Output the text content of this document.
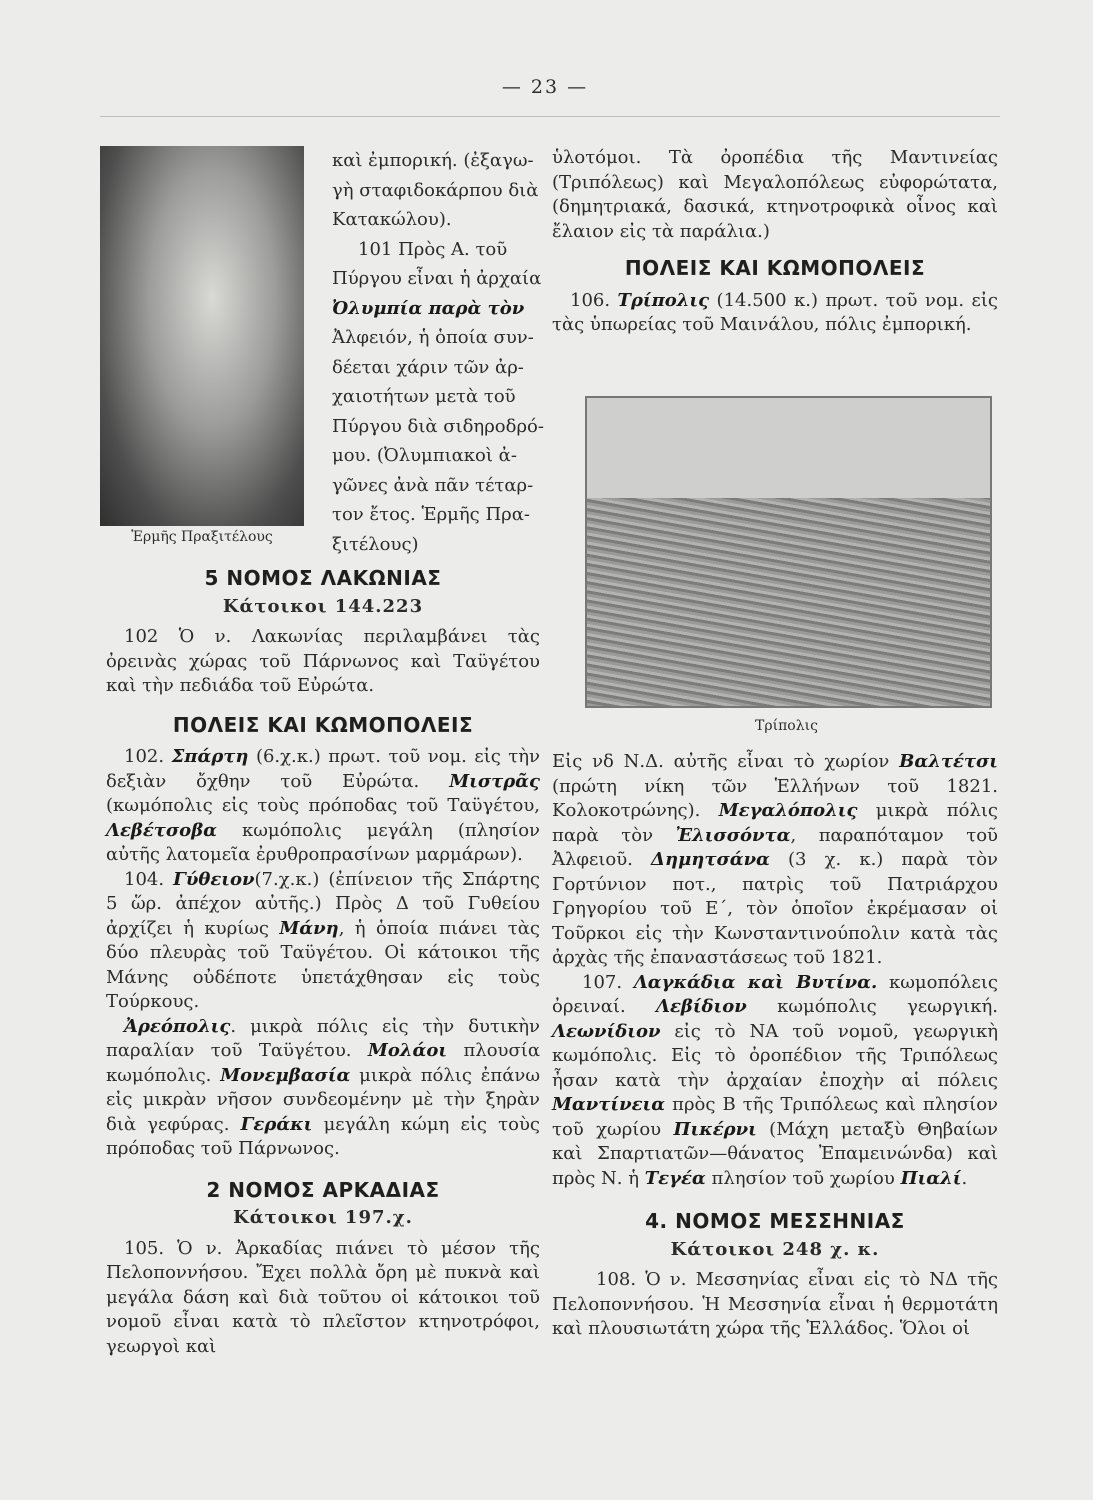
— 23 —
Ἑρμῆς Πραξιτέλους
καὶ ἐμπορική. (ἐξαγω-
γὴ σταφιδοκάρπου διὰ
Κατακώλου).
101 Πρὸς Α. τοῦ
Πύργου εἶναι ἡ ἀρχαία
Ὀλυμπία παρὰ τὸν
Ἀλφειόν, ἡ ὁποία συν-
δέεται χάριν τῶν ἀρ-
χαιοτήτων μετὰ τοῦ
Πύργου διὰ σιδηροδρό-
μου. (Ὀλυμπιακοὶ ἀ-
γῶνες ἀνὰ πᾶν τέταρ-
τον ἔτος. Ἑρμῆς Πρα-
ξιτέλους)
5 ΝΟΜΟΣ ΛΑΚΩΝΙΑΣ
Κάτοικοι 144.223

102 Ὁ ν. Λακωνίας περιλαμβάνει τὰς ὀρεινὰς χώρας τοῦ Πάρνωνος καὶ Ταϋγέτου καὶ τὴν πεδιάδα τοῦ Εὐρώτα.

ΠΟΛΕΙΣ ΚΑΙ ΚΩΜΟΠΟΛΕΙΣ

102. Σπάρτη (6.χ.κ.) πρωτ. τοῦ νομ. εἰς τὴν δεξιὰν ὄχθην τοῦ Εὐρώτα. Μιστρᾶς (κωμόπολις εἰς τοὺς πρόποδας τοῦ Ταϋγέτου, Λεβέτσοβα κωμόπολις μεγάλη (πλησίον αὐτῆς λατομεῖα ἐρυθροπρασίνων μαρμάρων).

104. Γύθειον(7.χ.κ.) (ἐπίνειον τῆς Σπάρτης 5 ὥρ. ἀπέχον αὐτῆς.) Πρὸς Δ τοῦ Γυθείου ἀρχίζει ἡ κυρίως Μάνη, ἡ ὁποία πιάνει τὰς δύο πλευρὰς τοῦ Ταϋγέτου. Οἱ κάτοικοι τῆς Μάνης οὐδέποτε ὑπετάχθησαν εἰς τοὺς Τούρκους.

Ἀρεόπολις. μικρὰ πόλις εἰς τὴν δυτικὴν παραλίαν τοῦ Ταϋγέτου. Μολάοι πλουσία κωμόπολις. Μονεμβασία μικρὰ πόλις ἐπάνω εἰς μικρὰν νῆσον συνδεομένην μὲ τὴν ξηρὰν διὰ γεφύρας. Γεράκι μεγάλη κώμη εἰς τοὺς πρόποδας τοῦ Πάρνωνος.

2 ΝΟΜΟΣ ΑΡΚΑΔΙΑΣ
Κάτοικοι 197.χ.

105. Ὁ ν. Ἀρκαδίας πιάνει τὸ μέσον τῆς Πελοποννήσου. Ἔχει πολλὰ ὄρη μὲ πυκνὰ καὶ μεγάλα δάση καὶ διὰ τοῦτου οἱ κάτοικοι τοῦ νομοῦ εἶναι κατὰ τὸ πλεῖστον κτηνοτρόφοι, γεωργοὶ καὶ

ὑλοτόμοι. Τὰ ὀροπέδια τῆς Μαντινείας (Τριπόλεως) καὶ Μεγαλοπόλεως εὐφορώτατα, (δημητριακά, δασικά, κτηνοτροφικὰ οἶνος καὶ ἔλαιον εἰς τὰ παράλια.)

ΠΟΛΕΙΣ ΚΑΙ ΚΩΜΟΠΟΛΕΙΣ

106. Τρίπολις (14.500 κ.) πρωτ. τοῦ νομ. εἰς τὰς ὑπωρείας τοῦ Μαινάλου, πόλις ἐμπορική.

Τρίπολις

Εἰς νδ Ν.Δ. αὐτῆς εἶναι τὸ χωρίον Βαλτέτσι (πρώτη νίκη τῶν Ἑλλήνων τοῦ 1821. Κολοκοτρώνης). Μεγαλόπολις μικρὰ πόλις παρὰ τὸν Ἐλισσόντα, παραπόταμον τοῦ Ἀλφειοῦ. Δημητσάνα (3 χ. κ.) παρὰ τὸν Γορτύνιον ποτ., πατρὶς τοῦ Πατριάρχου Γρηγορίου τοῦ Ε΄, τὸν ὁποῖον ἐκρέμασαν οἱ Τοῦρκοι εἰς τὴν Κωνσταντινούπολιν κατὰ τὰς ἀρχὰς τῆς ἐπαναστάσεως τοῦ 1821.

107. Λαγκάδια καὶ Βυτίνα. κωμοπόλεις ὀρειναί. Λεβίδιον κωμόπολις γεωργική. Λεωνίδιον εἰς τὸ ΝΑ τοῦ νομοῦ, γεωργικὴ κωμόπολις. Εἰς τὸ ὀροπέδιον τῆς Τριπόλεως ἦσαν κατὰ τὴν ἀρχαίαν ἐποχὴν αἱ πόλεις Μαντίνεια πρὸς Β τῆς Τριπόλεως καὶ πλησίον τοῦ χωρίου Πικέρνι (Μάχη μεταξὺ Θηβαίων καὶ Σπαρτιατῶν—θάνατος Ἐπαμεινώνδα) καὶ πρὸς Ν. ἡ Τεγέα πλησίον τοῦ χωρίου Πιαλί.

4. ΝΟΜΟΣ ΜΕΣΣΗΝΙΑΣ
Κάτοικοι 248 χ. κ.

108. Ὁ ν. Μεσσηνίας εἶναι εἰς τὸ ΝΔ τῆς Πελοποννήσου. Ἡ Μεσσηνία εἶναι ἡ θερμοτάτη καὶ πλουσιωτάτη χώρα τῆς Ἑλλάδος. Ὅλοι οἱ
